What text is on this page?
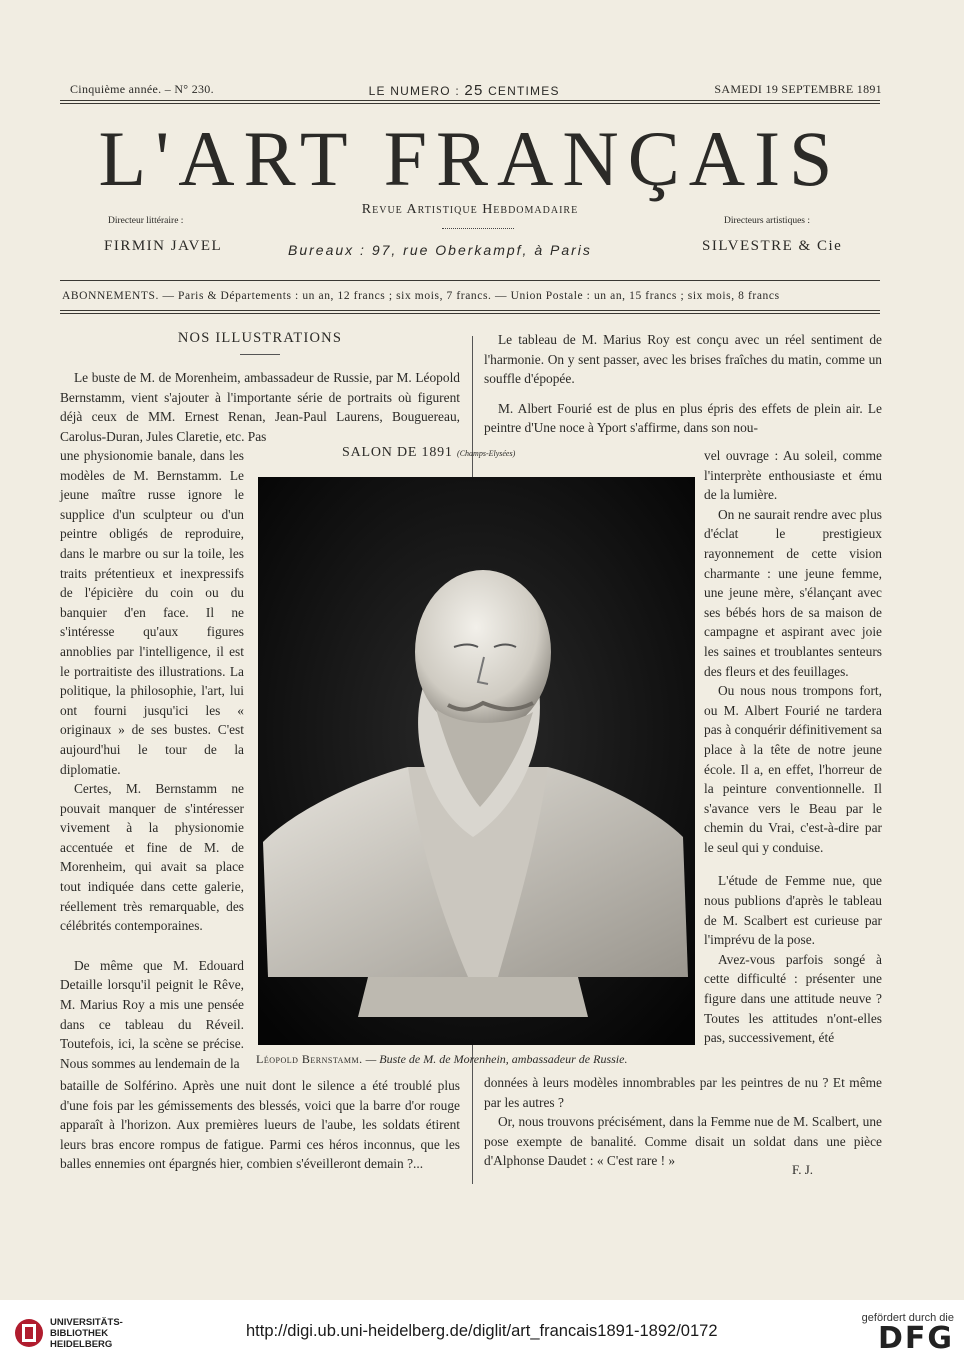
Cinquième année. – N° 230.	LE NUMERO : 25 CENTIMES	SAMEDI 19 SEPTEMBRE 1891
L'ART FRANÇAIS
Revue Artistique Hebdomadaire
Directeur littéraire :
FIRMIN JAVEL	Bureaux : 97, rue Oberkampf, à Paris
Directeurs artistiques :
SILVESTRE & Cie
ABONNEMENTS. — Paris & Départements : un an, 12 francs ; six mois, 7 francs. — Union Postale : un an, 15 francs ; six mois, 8 francs
NOS ILLUSTRATIONS

Le buste de M. de Morenheim, ambassadeur de Russie, par M. Léopold Bernstamm, vient s'ajouter à l'importante série de portraits où figurent déjà ceux de MM. Ernest Renan, Jean-Paul Laurens, Bouguereau, Carolus-Duran, Jules Claretie, etc. Pas

une physionomie banale, dans les modèles de M. Bernstamm. Le jeune maître russe ignore le supplice d'un sculpteur ou d'un peintre obligés de reproduire, dans le marbre ou sur la toile, les traits prétentieux et inexpressifs de l'épicière du coin ou du banquier d'en face. Il ne s'intéresse qu'aux figures annoblies par l'intelligence, il est le portraitiste des illustrations. La politique, la philosophie, l'art, lui ont fourni jusqu'ici les « originaux » de ses bustes. C'est aujourd'hui le tour de la diplomatie.

Certes, M. Bernstamm ne pouvait manquer de s'intéresser vivement à la physionomie accentuée et fine de M. de Morenheim, qui avait sa place tout indiquée dans cette galerie, réellement très remarquable, des célébrités contemporaines.

De même que M. Edouard Detaille lorsqu'il peignit le Rêve, M. Marius Roy a mis une pensée dans ce tableau du Réveil. Toutefois, ici, la scène se précise. Nous sommes au lendemain de la

bataille de Solférino. Après une nuit dont le silence a été troublé plus d'une fois par les gémissements des blessés, voici que la barre d'or rouge apparaît à l'horizon. Aux premières lueurs de l'aube, les soldats étirent leurs bras encore rompus de fatigue. Parmi ces héros inconnus, que les balles ennemies ont épargnés hier, combien s'éveilleront demain ?...

Le tableau de M. Marius Roy est conçu avec un réel sentiment de l'harmonie. On y sent passer, avec les brises fraîches du matin, comme un souffle d'épopée.

M. Albert Fourié est de plus en plus épris des effets de plein air. Le peintre d'Une noce à Yport s'affirme, dans son nou-

vel ouvrage : Au soleil, comme l'interprète enthousiaste et ému de la lumière.

On ne saurait rendre avec plus d'éclat le prestigieux rayonnement de cette vision charmante : une jeune femme, une jeune mère, s'élançant avec ses bébés hors de sa maison de campagne et aspirant avec joie les saines et troublantes senteurs des fleurs et des feuillages.

Ou nous nous trompons fort, ou M. Albert Fourié ne tardera pas à conquérir définitivement sa place à la tête de notre jeune école. Il a, en effet, l'horreur de la peinture conventionnelle. Il s'avance vers le Beau par le chemin du Vrai, c'est-à-dire par le seul qui y conduise.

L'étude de Femme nue, que nous publions d'après le tableau de M. Scalbert est curieuse par l'imprévu de la pose.

Avez-vous parfois songé à cette difficulté : présenter une figure dans une attitude neuve ? Toutes les attitudes n'ont-elles pas, successivement, été

données à leurs modèles innombrables par les peintres de nu ? Et même par les autres ?

Or, nous trouvons précisément, dans la Femme nue de M. Scalbert, une pose exempte de banalité. Comme disait un soldat dans une pièce d'Alphonse Daudet : « C'est rare ! »

F. J.
SALON DE 1891 (Champs-Elysées)
Léopold Bernstamm. — Buste de M. de Morenhein, ambassadeur de Russie.
UNIVERSITÄTS-
BIBLIOTHEK
HEIDELBERG
http://digi.ub.uni-heidelberg.de/diglit/art_francais1891-1892/0172
gefördert durch die
DFG
